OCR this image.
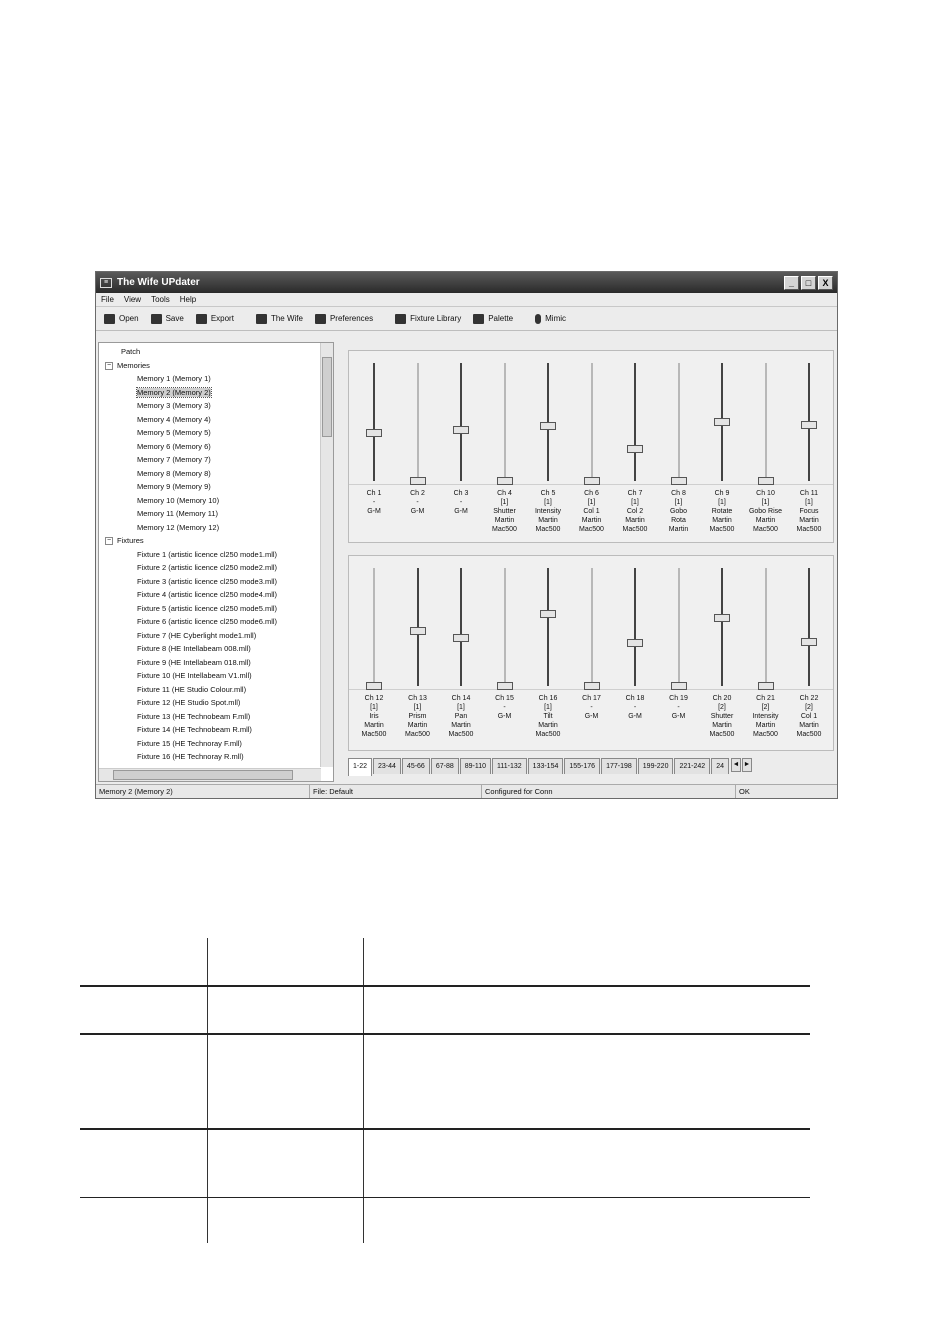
≡ The Wife UPdater	_	□	X
File View Tools Help
Open	Save	Export	The Wife	Preferences	Fixture Library	Palette	Mimic
Patch
− Memories
Memory 1 (Memory 1)
Memory 2 (Memory 2)
Memory 3 (Memory 3)
Memory 4 (Memory 4)
Memory 5 (Memory 5)
Memory 6 (Memory 6)
Memory 7 (Memory 7)
Memory 8 (Memory 8)
Memory 9 (Memory 9)
Memory 10 (Memory 10)
Memory 11 (Memory 11)
Memory 12 (Memory 12)
− Fixtures
Fixture 1 (artistic licence cl250 mode1.mll)
Fixture 2 (artistic licence cl250 mode2.mll)
Fixture 3 (artistic licence cl250 mode3.mll)
Fixture 4 (artistic licence cl250 mode4.mll)
Fixture 5 (artistic licence cl250 mode5.mll)
Fixture 6 (artistic licence cl250 mode6.mll)
Fixture 7 (HE Cyberlight mode1.mll)
Fixture 8 (HE Intellabeam 008.mll)
Fixture 9 (HE Intellabeam 018.mll)
Fixture 10 (HE Intellabeam V1.mll)
Fixture 11 (HE Studio Colour.mll)
Fixture 12 (HE Studio Spot.mll)
Fixture 13 (HE Technobeam F.mll)
Fixture 14 (HE Technobeam R.mll)
Fixture 15 (HE Technoray F.mll)
Fixture 16 (HE Technoray R.mll)
Ch 1
-
G-M
Ch 2
-
G-M
Ch 3
-
G-M
Ch 4
[1]
Shutter
Martin
Mac500
Ch 5
[1]
Intensity
Martin
Mac500
Ch 6
[1]
Col 1
Martin
Mac500
Ch 7
[1]
Col 2
Martin
Mac500
Ch 8
[1]
Gobo
Rota
Martin
Ch 9
[1]
Rotate
Martin
Mac500
Ch 10
[1]
Gobo Rise
Martin
Mac500
Ch 11
[1]
Focus
Martin
Mac500
Ch 12
[1]
Iris
Martin
Mac500
Ch 13
[1]
Prism
Martin
Mac500
Ch 14
[1]
Pan
Martin
Mac500
Ch 15
-
G-M
Ch 16
[1]
Tilt
Martin
Mac500
Ch 17
-
G-M
Ch 18
-
G-M
Ch 19
-
G-M
Ch 20
[2]
Shutter
Martin
Mac500
Ch 21
[2]
Intensity
Martin
Mac500
Ch 22
[2]
Col 1
Martin
Mac500
1-22	23-44	45-66	67-88	89-110	111-132	133-154	155-176	177-198	199-220	221-242	24	◄ ►
Memory 2 (Memory 2)	File: Default	Configured for Conn	OK
